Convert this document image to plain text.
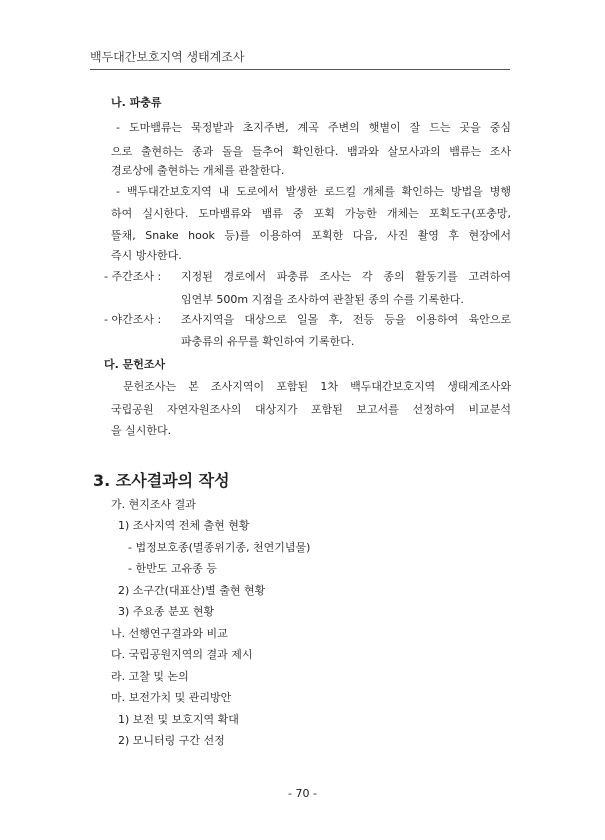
백두대간보호지역 생태계조사
나. 파충류
- 도마뱀류는 묵정밭과 초지주변, 계곡 주변의 햇볕이 잘 드는 곳을 중심
으로 출현하는 종과 돌을 들추어 확인한다. 뱀과와 살모사과의 뱀류는 조사
경로상에 출현하는 개체를 관찰한다.
- 백두대간보호지역 내 도로에서 발생한 로드킬 개체를 확인하는 방법을 병행
하여 실시한다. 도마뱀류와 뱀류 중 포획 가능한 개체는 포획도구(포충망,
뜰채, Snake hook 등)를 이용하여 포획한 다음, 사진 촬영 후 현장에서
즉시 방사한다.
- 주간조사 : 지정된 경로에서 파충류 조사는 각 종의 활동기를 고려하여
임연부 500m 지점을 조사하여 관찰된 종의 수를 기록한다.
- 야간조사 : 조사지역을 대상으로 일몰 후, 전등 등을 이용하여 육안으로
파충류의 유무를 확인하여 기록한다.
다. 문헌조사
문헌조사는 본 조사지역이 포함된 1차 백두대간보호지역 생태계조사와
국립공원 자연자원조사의 대상지가 포함된 보고서를 선정하여 비교분석
을 실시한다.
3. 조사결과의 작성
가. 현지조사 결과
1) 조사지역 전체 출현 현황
- 법정보호종(멸종위기종, 천연기념물)
- 한반도 고유종 등
2) 소구간(대표산)별 출현 현황
3) 주요종 분포 현황
나. 선행연구결과와 비교
다. 국립공원지역의 결과 제시
라. 고찰 및 논의
마. 보전가치 및 관리방안
1) 보전 및 보호지역 확대
2) 모니터링 구간 선정
- 70 -
